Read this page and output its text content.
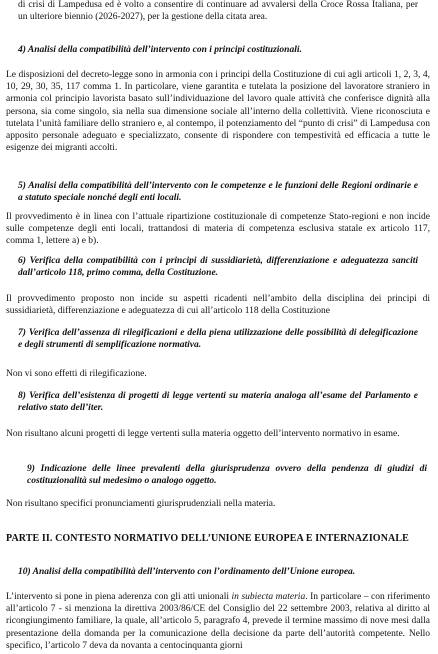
di crisi di Lampedusa ed è volto a consentire di continuare ad avvalersi della Croce Rossa Italiana, per un ulteriore biennio (2026-2027), per la gestione della citata area.
4) Analisi della compatibilità dell’intervento con i principi costituzionali.
Le disposizioni del decreto-legge sono in armonia con i principi della Costituzione di cui agli articoli 1, 2, 3, 4, 10, 29, 30, 35, 117 comma 1. In particolare, viene garantita e tutelata la posizione del lavoratore straniero in armonia col principio lavorista basato sull’individuazione del lavoro quale attività che conferisce dignità alla persona, sia come singolo, sia nella sua dimensione sociale all’interno della collettività. Viene riconosciuta e tutelata l’unità familiare dello straniero e, al contempo, il potenziamento del “punto di crisi” di Lampedusa con apposito personale adeguato e specializzato, consente di rispondere con tempestività ed efficacia a tutte le esigenze dei migranti accolti.
5) Analisi della compatibilità dell’intervento con le competenze e le funzioni delle Regioni ordinarie e a statuto speciale nonché degli enti locali.
Il provvedimento è in linea con l’attuale ripartizione costituzionale di competenze Stato-regioni e non incide sulle competenze degli enti locali, trattandosi di materia di competenza esclusiva statale ex articolo 117, comma 1, lettere a) e b).
6) Verifica della compatibilità con i principi di sussidiarietà, differenziazione e adeguatezza sanciti dall’articolo 118, primo comma, della Costituzione.
Il provvedimento proposto non incide su aspetti ricadenti nell’ambito della disciplina dei principi di sussidiarietà, differenziazione e adeguatezza di cui all’articolo 118 della Costituzione
7) Verifica dell’assenza di rilegificazioni e della piena utilizzazione delle possibilità di delegificazione e degli strumenti di semplificazione normativa.
Non vi sono effetti di rilegificazione.
8) Verifica dell’esistenza di progetti di legge vertenti su materia analoga all’esame del Parlamento e relativo stato dell’iter.
Non risultano alcuni progetti di legge vertenti sulla materia oggetto dell’intervento normativo in esame.
9) Indicazione delle linee prevalenti della giurisprudenza ovvero della pendenza di giudizi di costituzionalità sul medesimo o analogo oggetto.
Non risultano specifici pronunciamenti giurisprudenziali nella materia.
PARTE II. CONTESTO NORMATIVO DELL’UNIONE EUROPEA E INTERNAZIONALE
10) Analisi della compatibilità dell’intervento con l’ordinamento dell’Unione europea.
L’intervento si pone in piena aderenza con gli atti unionali in subiecta materia. In particolare – con riferimento all’articolo 7 - si menziona la direttiva 2003/86/CE del Consiglio del 22 settembre 2003, relativa al diritto al ricongiungimento familiare, la quale, all’articolo 5, paragrafo 4, prevede il termine massimo di nove mesi dalla presentazione della domanda per la comunicazione della decisione da parte dell’autorità competente. Nello specifico, l’articolo 7 deva da novanta a centocinquanta giorni
